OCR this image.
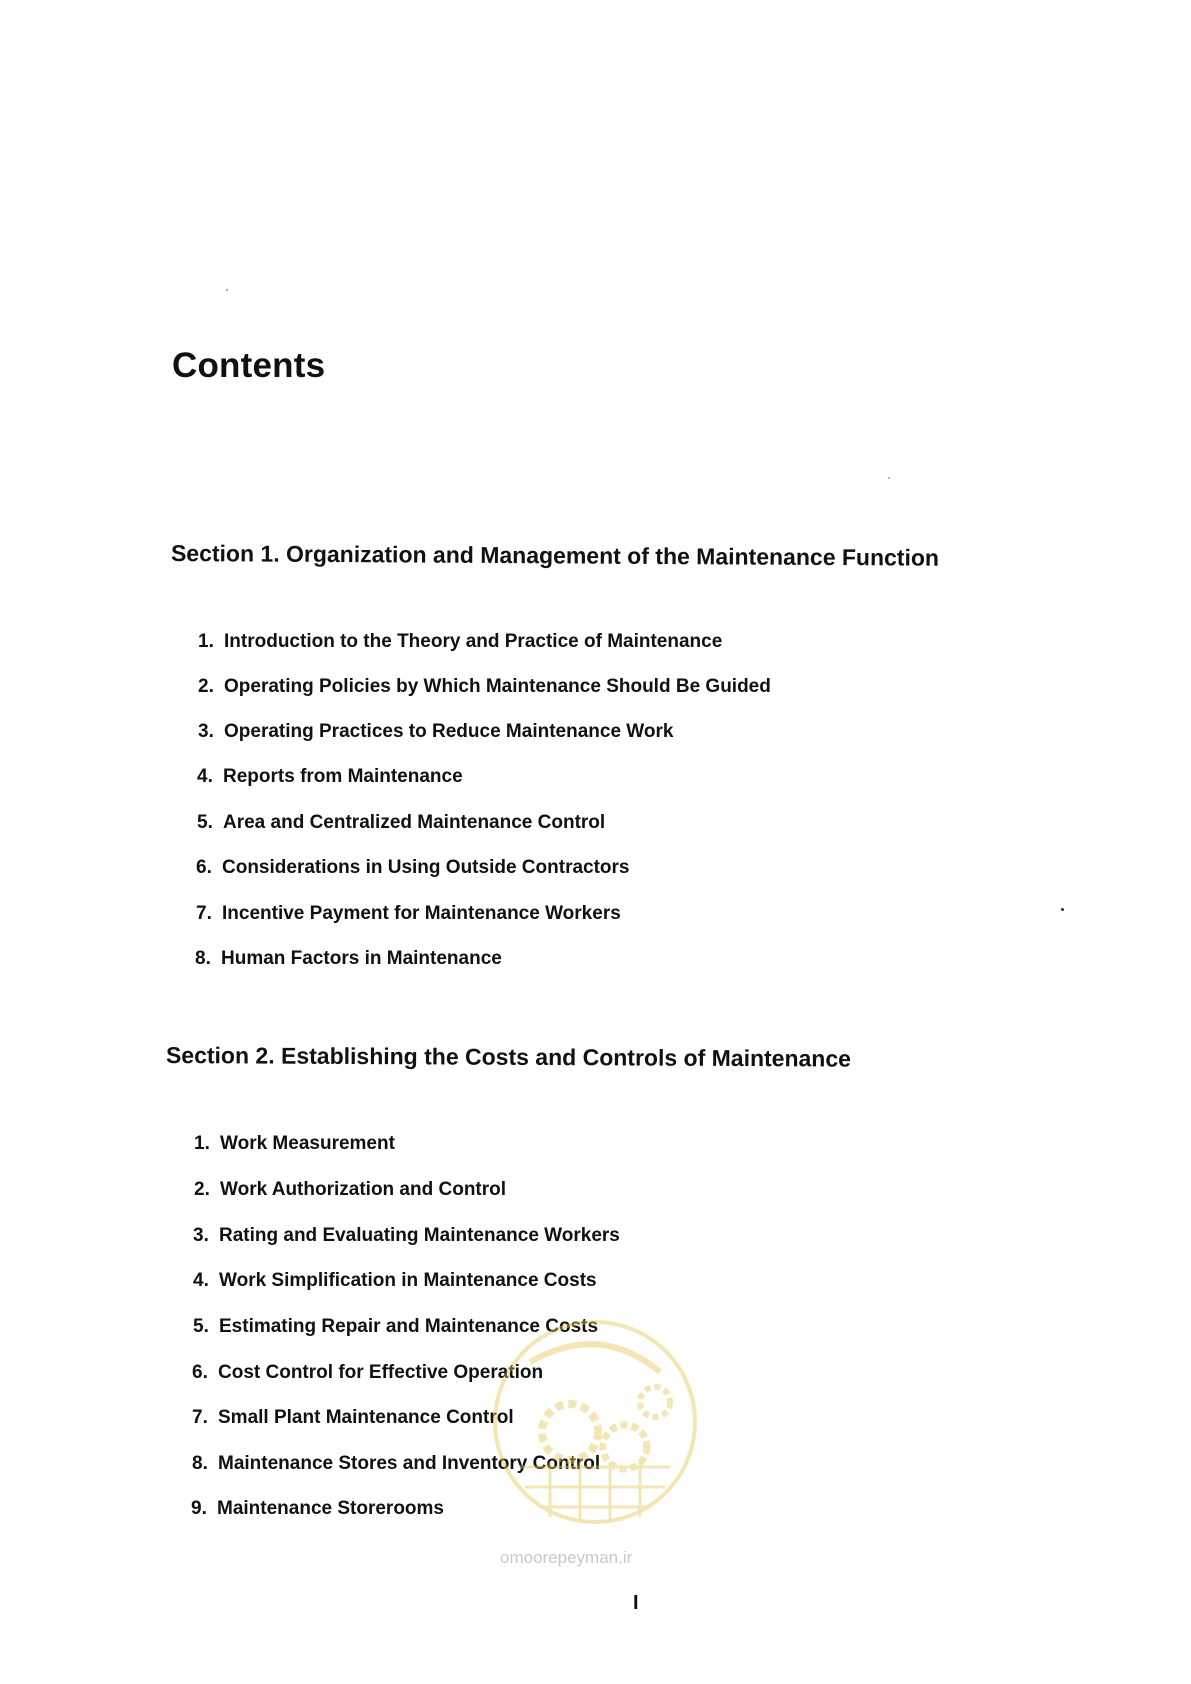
Contents
Section 1. Organization and Management of the Maintenance Function
1. Introduction to the Theory and Practice of Maintenance
2. Operating Policies by Which Maintenance Should Be Guided
3. Operating Practices to Reduce Maintenance Work
4. Reports from Maintenance
5. Area and Centralized Maintenance Control
6. Considerations in Using Outside Contractors
7. Incentive Payment for Maintenance Workers
8. Human Factors in Maintenance
Section 2. Establishing the Costs and Controls of Maintenance
1. Work Measurement
2. Work Authorization and Control
3. Rating and Evaluating Maintenance Workers
4. Work Simplification in Maintenance Costs
5. Estimating Repair and Maintenance Costs
6. Cost Control for Effective Operation
7. Small Plant Maintenance Control
8. Maintenance Stores and Inventory Control
9. Maintenance Storerooms
omoorepeyman.ir
I
